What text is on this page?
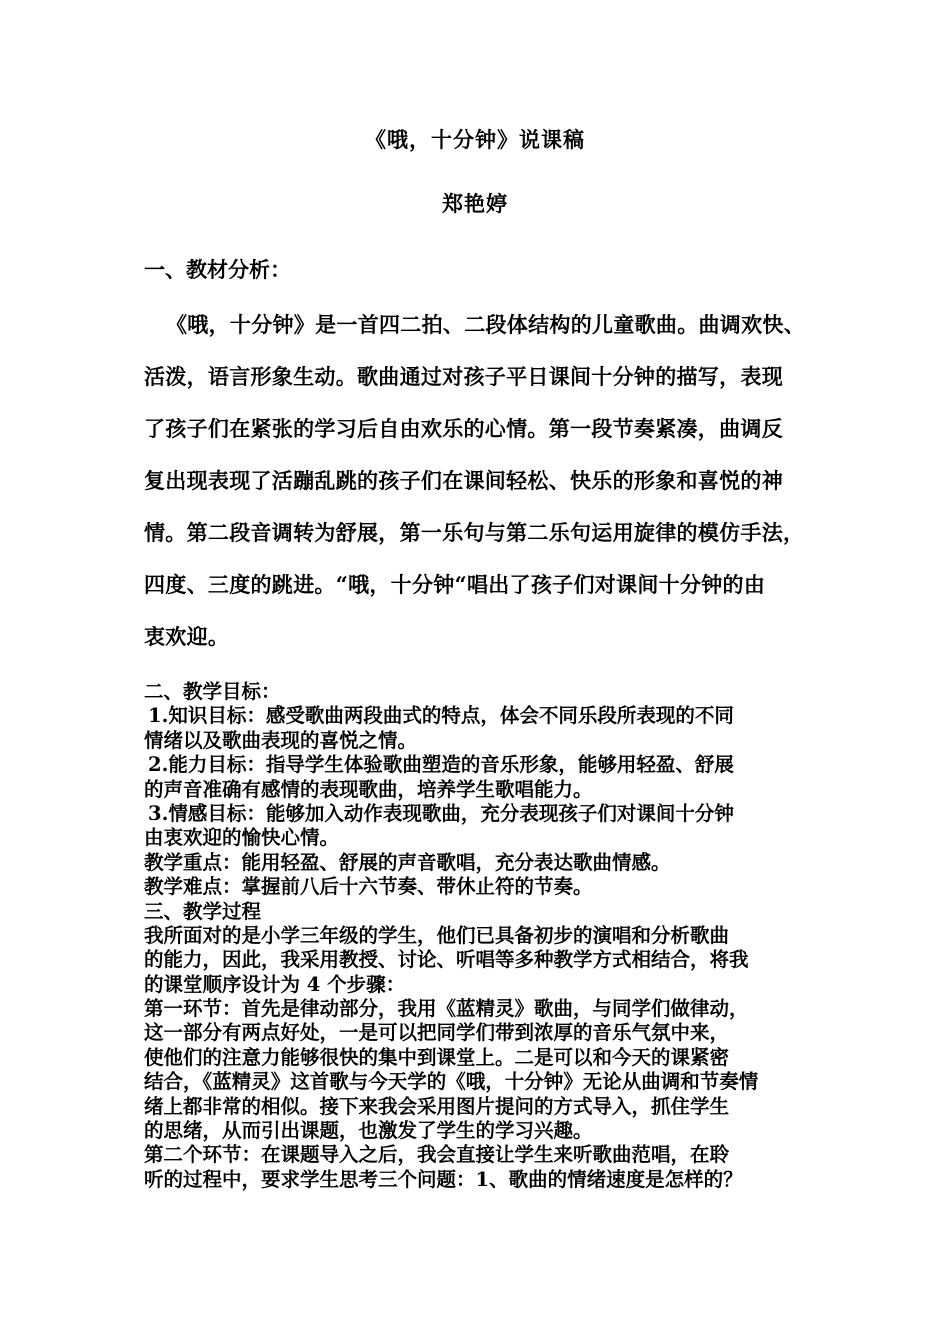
《哦，十分钟》说课稿
郑艳婷
一、教材分析：
《哦，十分钟》是一首四二拍、二段体结构的儿童歌曲。曲调欢快、
活泼，语言形象生动。歌曲通过对孩子平日课间十分钟的描写，表现
了孩子们在紧张的学习后自由欢乐的心情。第一段节奏紧凑，曲调反
复出现表现了活蹦乱跳的孩子们在课间轻松、快乐的形象和喜悦的神
情。第二段音调转为舒展，第一乐句与第二乐句运用旋律的模仿手法，
四度、三度的跳进。“哦，十分钟“唱出了孩子们对课间十分钟的由
衷欢迎。
二、教学目标：
1.知识目标：感受歌曲两段曲式的特点，体会不同乐段所表现的不同
情绪以及歌曲表现的喜悦之情。
2.能力目标：指导学生体验歌曲塑造的音乐形象，能够用轻盈、舒展
的声音准确有感情的表现歌曲，培养学生歌唱能力。
3.情感目标：能够加入动作表现歌曲，充分表现孩子们对课间十分钟
由衷欢迎的愉快心情。
教学重点：能用轻盈、舒展的声音歌唱，充分表达歌曲情感。
教学难点：掌握前八后十六节奏、带休止符的节奏。
三、教学过程
我所面对的是小学三年级的学生，他们已具备初步的演唱和分析歌曲
的能力，因此，我采用教授、讨论、听唱等多种教学方式相结合，将我
的课堂顺序设计为 4 个步骤：
第一环节：首先是律动部分，我用《蓝精灵》歌曲，与同学们做律动，
这一部分有两点好处，一是可以把同学们带到浓厚的音乐气氛中来，
使他们的注意力能够很快的集中到课堂上。二是可以和今天的课紧密
结合，《蓝精灵》这首歌与今天学的《哦，十分钟》无论从曲调和节奏情
绪上都非常的相似。接下来我会采用图片提问的方式导入，抓住学生
的思绪，从而引出课题，也激发了学生的学习兴趣。
第二个环节：在课题导入之后，我会直接让学生来听歌曲范唱，在聆
听的过程中，要求学生思考三个问题：1、歌曲的情绪速度是怎样的？
